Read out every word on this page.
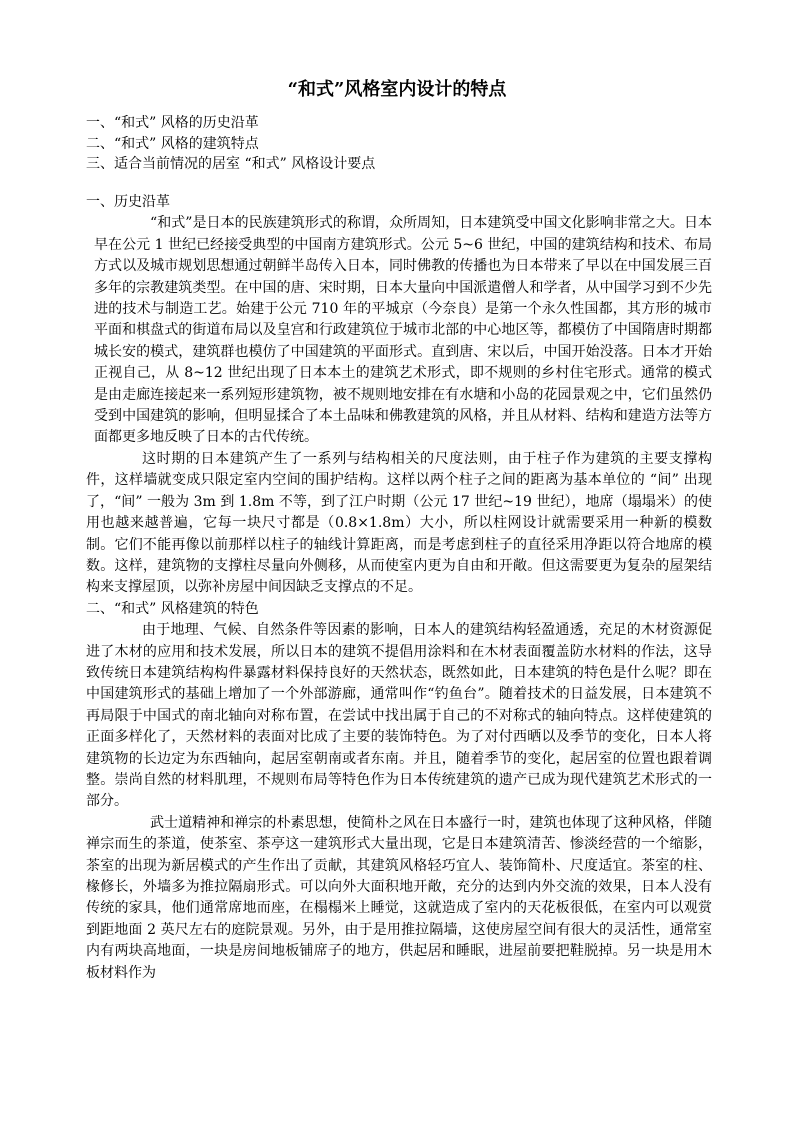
“和式”风格室内设计的特点
一、“和式” 风格的历史沿革
二、“和式” 风格的建筑特点
三、适合当前情况的居室 “和式” 风格设计要点

一、历史沿革

“和式”是日本的民族建筑形式的称谓，众所周知，日本建筑受中国文化影响非常之大。日本早在公元 1 世纪已经接受典型的中国南方建筑形式。公元 5~6 世纪，中国的建筑结构和技术、布局方式以及城市规划思想通过朝鲜半岛传入日本，同时佛教的传播也为日本带来了早以在中国发展三百多年的宗教建筑类型。在中国的唐、宋时期，日本大量向中国派遣僧人和学者，从中国学习到不少先进的技术与制造工艺。始建于公元 710 年的平城京（今奈良）是第一个永久性国都，其方形的城市平面和棋盘式的街道布局以及皇宫和行政建筑位于城市北部的中心地区等，都模仿了中国隋唐时期都城长安的模式，建筑群也模仿了中国建筑的平面形式。直到唐、宋以后，中国开始没落。日本才开始正视自己，从 8~12 世纪出现了日本本土的建筑艺术形式，即不规则的乡村住宅形式。通常的模式是由走廊连接起来一系列短形建筑物，被不规则地安排在有水塘和小岛的花园景观之中，它们虽然仍受到中国建筑的影响，但明显揉合了本土品味和佛教建筑的风格，并且从材料、结构和建造方法等方面都更多地反映了日本的古代传统。

这时期的日本建筑产生了一系列与结构相关的尺度法则，由于柱子作为建筑的主要支撑构件，这样墙就变成只限定室内空间的围护结构。这样以两个柱子之间的距离为基本单位的 “间” 出现了，“间” 一般为 3m 到 1.8m 不等，到了江户时期（公元 17 世纪~19 世纪），地席（塌塌米）的使用也越来越普遍，它每一块尺寸都是（0.8×1.8m）大小，所以柱网设计就需要采用一种新的模数制。它们不能再像以前那样以柱子的轴线计算距离，而是考虑到柱子的直径采用净距以符合地席的模数。这样，建筑物的支撑柱尽量向外侧移，从而使室内更为自由和开敞。但这需要更为复杂的屋架结构来支撑屋顶，以弥补房屋中间因缺乏支撑点的不足。

二、“和式” 风格建筑的特色

由于地理、气候、自然条件等因素的影响，日本人的建筑结构轻盈通透，充足的木材资源促进了木材的应用和技术发展，所以日本的建筑不提倡用涂料和在木材表面覆盖防水材料的作法，这导致传统日本建筑结构构件暴露材料保持良好的天然状态，既然如此，日本建筑的特色是什么呢？即在中国建筑形式的基础上增加了一个外部游廊，通常叫作“钓鱼台”。随着技术的日益发展，日本建筑不再局限于中国式的南北轴向对称布置，在尝试中找出属于自己的不对称式的轴向特点。这样使建筑的正面多样化了，天然材料的表面对比成了主要的装饰特色。为了对付西晒以及季节的变化，日本人将建筑物的长边定为东西轴向，起居室朝南或者东南。并且，随着季节的变化，起居室的位置也跟着调整。崇尚自然的材料肌理，不规则布局等特色作为日本传统建筑的遗产已成为现代建筑艺术形式的一部分。

武士道精神和禅宗的朴素思想，使简朴之风在日本盛行一时，建筑也体现了这种风格，伴随禅宗而生的茶道，使茶室、茶亭这一建筑形式大量出现，它是日本建筑清苦、惨淡经营的一个缩影，茶室的出现为新居模式的产生作出了贡献，其建筑风格轻巧宜人、装饰简朴、尺度适宜。茶室的柱、椽修长，外墙多为推拉隔扇形式。可以向外大面积地开敞，充分的达到内外交流的效果，日本人没有传统的家具，他们通常席地而座，在榻榻米上睡觉，这就造成了室内的天花板很低，在室内可以观赏到距地面 2 英尺左右的庭院景观。另外，由于是用推拉隔墙，这使房屋空间有很大的灵活性，通常室内有两块高地面，一块是房间地板铺席子的地方，供起居和睡眠，进屋前要把鞋脱掉。另一块是用木板材料作为
